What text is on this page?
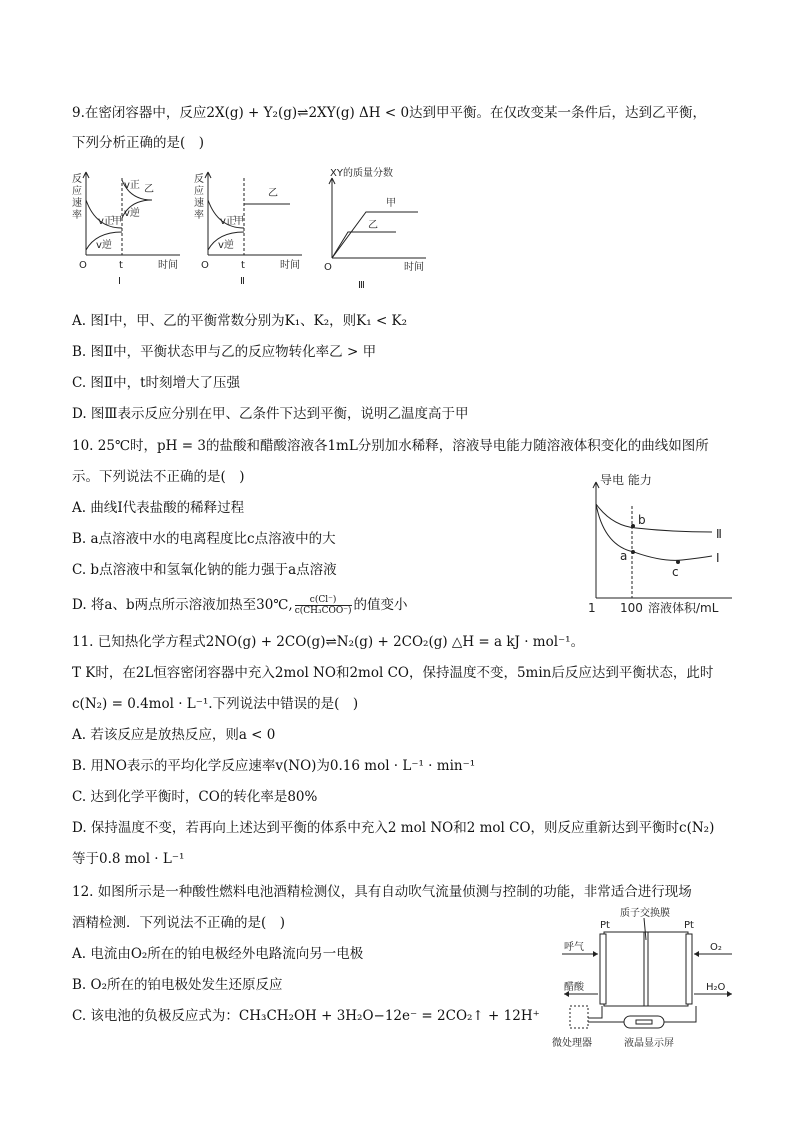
9.在密闭容器中，反应2X(g) + Y₂(g)⇌2XY(g) ΔH < 0达到甲平衡。在仅改变某一条件后，达到乙平衡，
下列分析正确的是(　)
反
应
速
率
v正
甲
v逆
v正 乙
v逆
O	t	时间
Ⅰ
反
应
速
率
v正
甲
v逆
乙
O	t	时间
Ⅱ
XY的质量分数
甲
乙
O	时间
Ⅲ
A. 图Ⅰ中，甲、乙的平衡常数分别为K₁、K₂，则K₁ < K₂
B. 图Ⅱ中，平衡状态甲与乙的反应物转化率乙 > 甲
C. 图Ⅱ中，t时刻增大了压强
D. 图Ⅲ表示反应分别在甲、乙条件下达到平衡，说明乙温度高于甲
10. 25℃时，pH = 3的盐酸和醋酸溶液各1mL分别加水稀释，溶液导电能力随溶液体积变化的曲线如图所
示。下列说法不正确的是(　)
A. 曲线Ⅰ代表盐酸的稀释过程
B. a点溶液中水的电离程度比c点溶液中的大
C. b点溶液中和氢氧化钠的能力强于a点溶液
D. 将a、b两点所示溶液加热至30℃, $\frac{c(Cl^-)}{\text{c(CH₃COO⁻)}}$ 的值变小
导电 能力
b
a
c
Ⅱ
Ⅰ
1 100 溶液体积/mL
11. 已知热化学方程式2NO(g) + 2CO(g)⇌N₂(g) + 2CO₂(g) △H = a kJ · mol⁻¹。
T K时，在2L恒容密闭容器中充入2mol NO和2mol CO，保持温度不变，5min后反应达到平衡状态，此时
c(N₂) = 0.4mol · L⁻¹.下列说法中错误的是(　)
A. 若该反应是放热反应，则a < 0
B. 用NO表示的平均化学反应速率v(NO)为0.16 mol · L⁻¹ · min⁻¹
C. 达到化学平衡时，CO的转化率是80%
D. 保持温度不变，若再向上述达到平衡的体系中充入2 mol NO和2 mol CO，则反应重新达到平衡时c(N₂)
等于0.8 mol · L⁻¹
12. 如图所示是一种酸性燃料电池酒精检测仪，具有自动吹气流量侦测与控制的功能，非常适合进行现场
酒精检测．下列说法不正确的是(　)
A. 电流由O₂所在的铂电极经外电路流向另一电极
B. O₂所在的铂电极处发生还原反应
C. 该电池的负极反应式为：CH₃CH₂OH + 3H₂O−12e⁻ = 2CO₂↑ + 12H⁺
质子交换膜
Pt	Pt
呼气	O₂
醋酸	H₂O
微处理器	液晶显示屏
